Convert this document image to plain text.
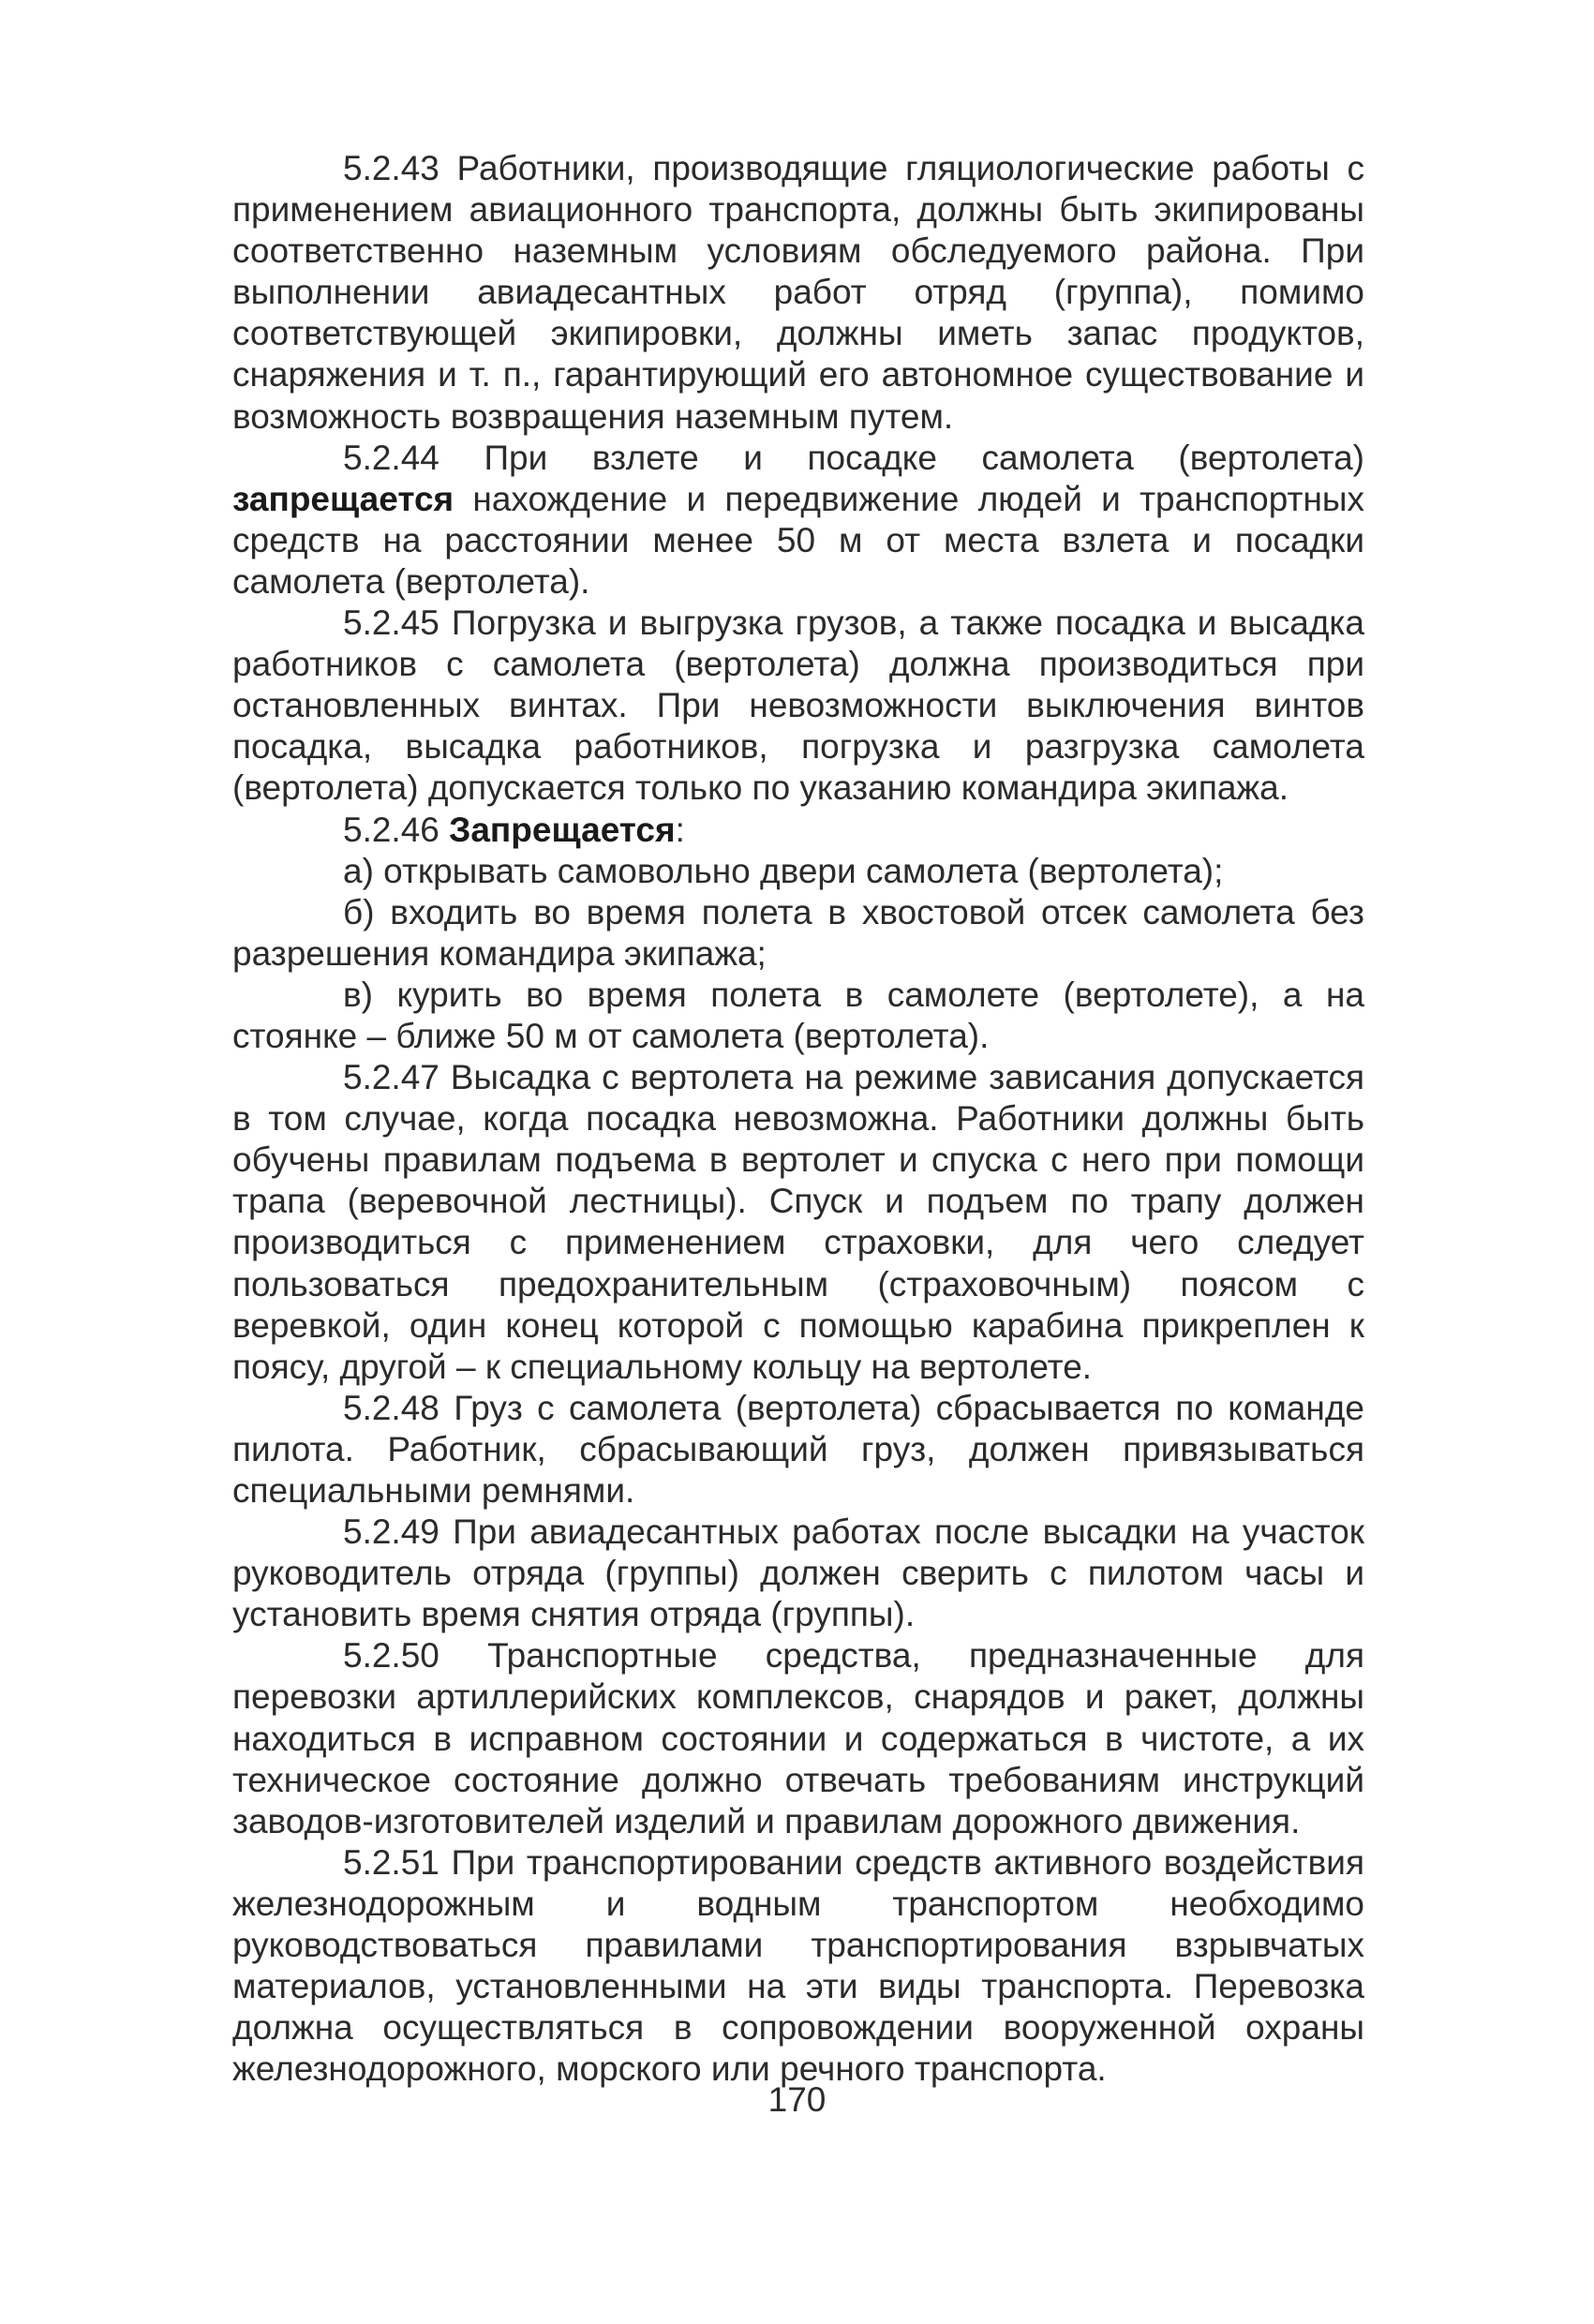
5.2.43 Работники, производящие гляциологические работы с применением авиационного транспорта, должны быть экипированы соответственно наземным условиям обследуемого района. При выполнении авиадесантных работ отряд (группа), помимо соответствующей экипировки, должны иметь запас продуктов, снаряжения и т. п., гарантирующий его автономное существование и возможность возвращения наземным путем.

5.2.44 При взлете и посадке самолета (вертолета) запрещается нахождение и передвижение людей и транспортных средств на расстоянии менее 50 м от места взлета и посадки самолета (вертолета).

5.2.45 Погрузка и выгрузка грузов, а также посадка и высадка работников с самолета (вертолета) должна производиться при остановленных винтах. При невозможности выключения винтов посадка, высадка работников, погрузка и разгрузка самолета (вертолета) допускается только по указанию командира экипажа.

5.2.46 Запрещается:

а) открывать самовольно двери самолета (вертолета);

б) входить во время полета в хвостовой отсек самолета без разрешения командира экипажа;

в) курить во время полета в самолете (вертолете), а на стоянке – ближе 50 м от самолета (вертолета).

5.2.47 Высадка с вертолета на режиме зависания допускается в том случае, когда посадка невозможна. Работники должны быть обучены правилам подъема в вертолет и спуска с него при помощи трапа (веревочной лестницы). Спуск и подъем по трапу должен производиться с применением страховки, для чего следует пользоваться предохранительным (страховочным) поясом с веревкой, один конец которой с помощью карабина прикреплен к поясу, другой – к специальному кольцу на вертолете.

5.2.48 Груз с самолета (вертолета) сбрасывается по команде пилота. Работник, сбрасывающий груз, должен привязываться специальными ремнями.

5.2.49 При авиадесантных работах после высадки на участок руководитель отряда (группы) должен сверить с пилотом часы и установить время снятия отряда (группы).

5.2.50 Транспортные средства, предназначенные для перевозки артиллерийских комплексов, снарядов и ракет, должны находиться в исправном состоянии и содержаться в чистоте, а их техническое состояние должно отвечать требованиям инструкций заводов-изготовителей изделий и правилам дорожного движения.

5.2.51 При транспортировании средств активного воздействия железнодорожным и водным транспортом необходимо руководствоваться правилами транспортирования взрывчатых материалов, установленными на эти виды транспорта. Перевозка должна осуществляться в сопровождении вооруженной охраны железнодорожного, морского или речного транспорта.

170
